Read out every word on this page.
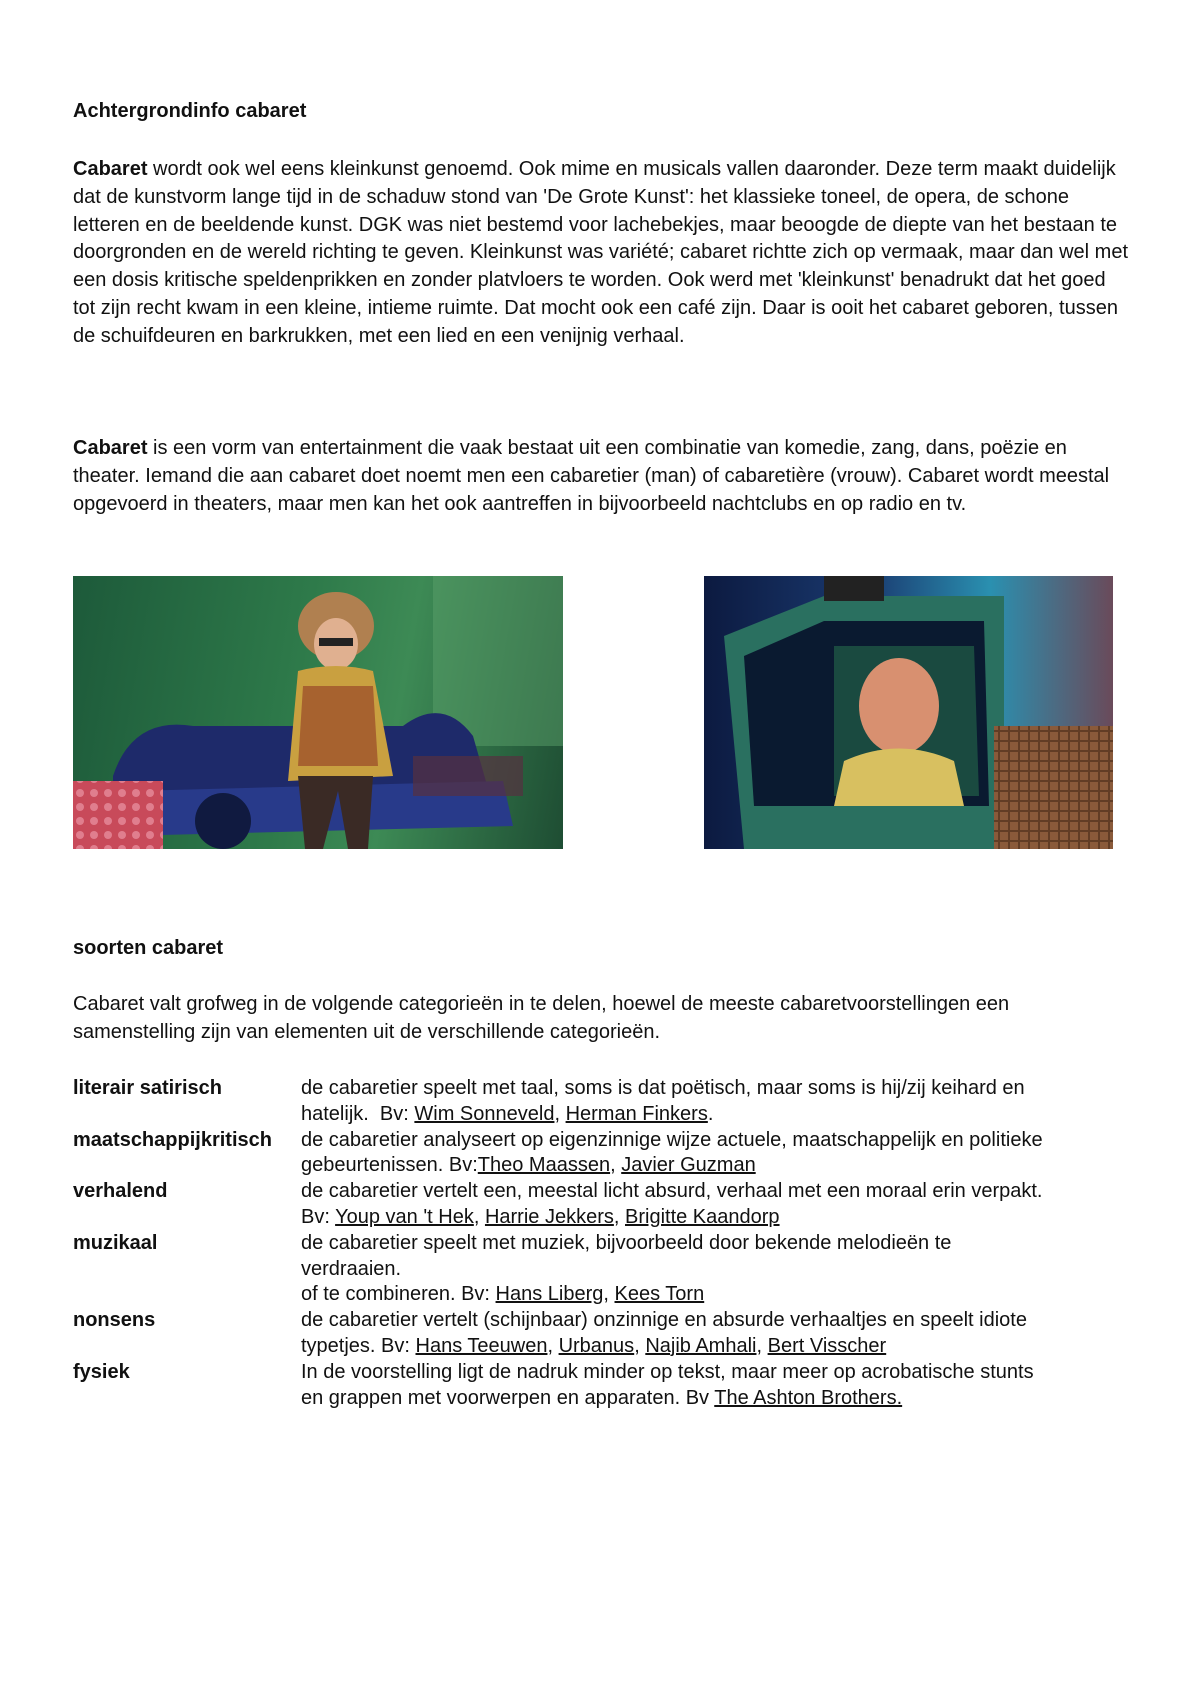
Achtergrondinfo cabaret

Cabaret wordt ook wel eens kleinkunst genoemd. Ook mime en musicals vallen daaronder. Deze term maakt duidelijk dat de kunstvorm lange tijd in de schaduw stond van 'De Grote Kunst': het klassieke toneel, de opera, de schone letteren en de beeldende kunst. DGK was niet bestemd voor lachebekjes, maar beoogde de diepte van het bestaan te doorgronden en de wereld richting te geven. Kleinkunst was variété; cabaret richtte zich op vermaak, maar dan wel met een dosis kritische speldenprikken en zonder platvloers te worden. Ook werd met 'kleinkunst' benadrukt dat het goed tot zijn recht kwam in een kleine, intieme ruimte. Dat mocht ook een café zijn. Daar is ooit het cabaret geboren, tussen de schuifdeuren en barkrukken, met een lied en een venijnig verhaal.

Cabaret is een vorm van entertainment die vaak bestaat uit een combinatie van komedie, zang, dans, poëzie en theater. Iemand die aan cabaret doet noemt men een cabaretier (man) of cabaretière (vrouw). Cabaret wordt meestal opgevoerd in theaters, maar men kan het ook aantreffen in bijvoorbeeld nachtclubs en op radio en tv.

soorten cabaret

Cabaret valt grofweg in de volgende categorieën in te delen, hoewel de meeste cabaretvoorstellingen een samenstelling zijn van elementen uit de verschillende categorieën.

literair satirisch	de cabaretier speelt met taal, soms is dat poëtisch, maar soms is hij/zij keihard en
hatelijk.  Bv: Wim Sonneveld, Herman Finkers.
maatschappijkritisch	de cabaretier analyseert op eigenzinnige wijze actuele, maatschappelijk en politieke
gebeurtenissen. Bv:Theo Maassen, Javier Guzman
verhalend	de cabaretier vertelt een, meestal licht absurd, verhaal met een moraal erin verpakt.
Bv: Youp van 't Hek, Harrie Jekkers, Brigitte Kaandorp
muzikaal	de cabaretier speelt met muziek, bijvoorbeeld door bekende melodieën te
verdraaien.
of te combineren. Bv: Hans Liberg, Kees Torn
nonsens	de cabaretier vertelt (schijnbaar) onzinnige en absurde verhaaltjes en speelt idiote
typetjes. Bv: Hans Teeuwen, Urbanus, Najib Amhali, Bert Visscher
fysiek	In de voorstelling ligt de nadruk minder op tekst, maar meer op acrobatische stunts
en grappen met voorwerpen en apparaten. Bv The Ashton Brothers.
